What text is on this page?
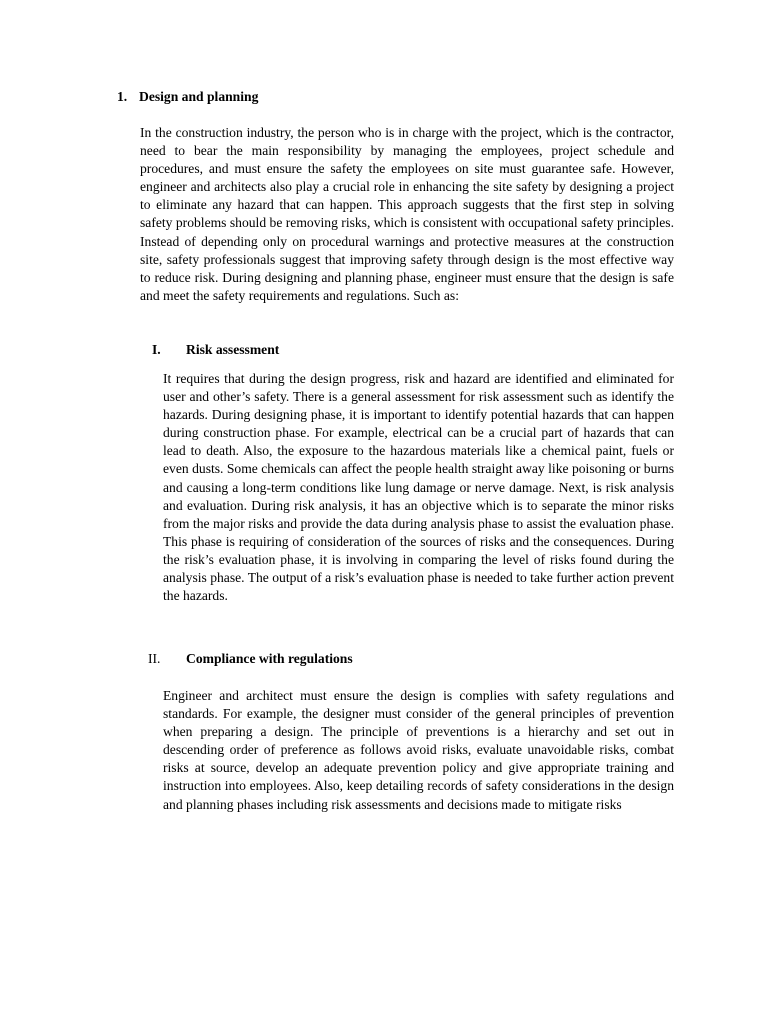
1. Design and planning

In the construction industry, the person who is in charge with the project, which is the contractor, need to bear the main responsibility by managing the employees, project schedule and procedures, and must ensure the safety the employees on site must guarantee safe. However, engineer and architects also play a crucial role in enhancing the site safety by designing a project to eliminate any hazard that can happen. This approach suggests that the first step in solving safety problems should be removing risks, which is consistent with occupational safety principles. Instead of depending only on procedural warnings and protective measures at the construction site, safety professionals suggest that improving safety through design is the most effective way to reduce risk. During designing and planning phase, engineer must ensure that the design is safe and meet the safety requirements and regulations. Such as:

I. Risk assessment

It requires that during the design progress, risk and hazard are identified and eliminated for user and other’s safety. There is a general assessment for risk assessment such as identify the hazards. During designing phase, it is important to identify potential hazards that can happen during construction phase. For example, electrical can be a crucial part of hazards that can lead to death. Also, the exposure to the hazardous materials like a chemical paint, fuels or even dusts. Some chemicals can affect the people health straight away like poisoning or burns and causing a long-term conditions like lung damage or nerve damage. Next, is risk analysis and evaluation. During risk analysis, it has an objective which is to separate the minor risks from the major risks and provide the data during analysis phase to assist the evaluation phase. This phase is requiring of consideration of the sources of risks and the consequences. During the risk’s evaluation phase, it is involving in comparing the level of risks found during the analysis phase. The output of a risk’s evaluation phase is needed to take further action prevent the hazards.

II. Compliance with regulations

Engineer and architect must ensure the design is complies with safety regulations and standards. For example, the designer must consider of the general principles of prevention when preparing a design. The principle of preventions is a hierarchy and set out in descending order of preference as follows avoid risks, evaluate unavoidable risks, combat risks at source, develop an adequate prevention policy and give appropriate training and instruction into employees. Also, keep detailing records of safety considerations in the design and planning phases including risk assessments and decisions made to mitigate risks
